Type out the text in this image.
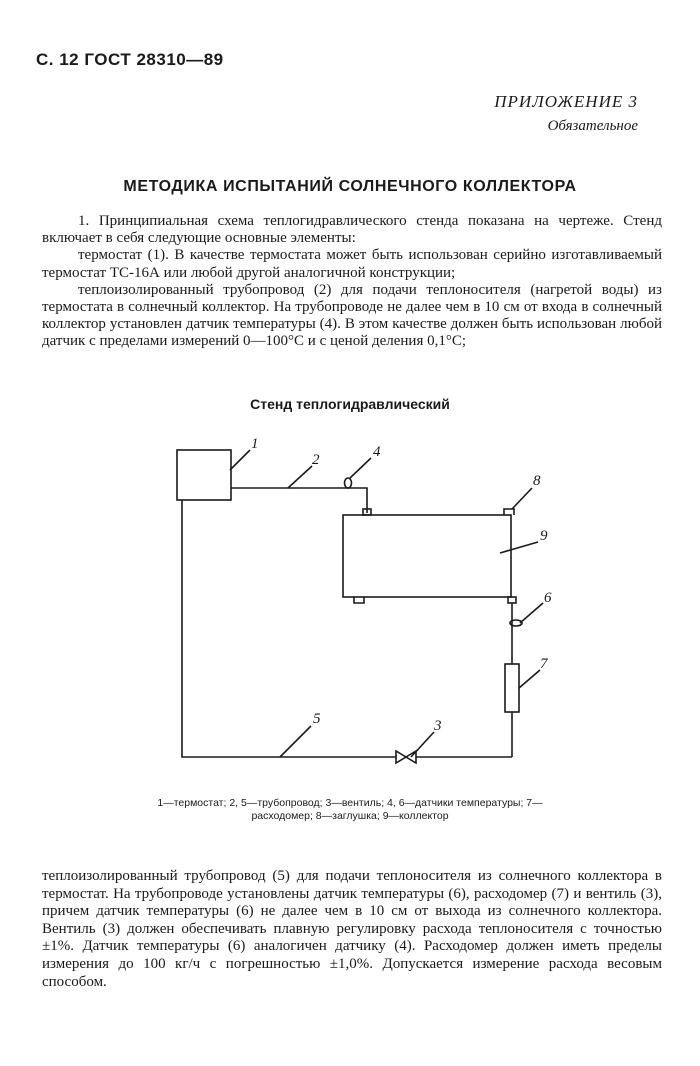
С. 12 ГОСТ 28310—89
ПРИЛОЖЕНИЕ 3
Обязательное
МЕТОДИКА ИСПЫТАНИЙ СОЛНЕЧНОГО КОЛЛЕКТОРА

1. Принципиальная схема теплогидравлического стенда показана на чертеже. Стенд включает в себя следующие основные элементы:

термостат (1). В качестве термостата может быть использован серийно изготавливаемый термостат ТС-16А или любой другой аналогичной конструкции;

теплоизолированный трубопровод (2) для подачи теплоносителя (нагретой воды) из термостата в солнечный коллектор. На трубопроводе не далее чем в 10 см от входа в солнечный коллектор установлен датчик температуры (4). В этом качестве должен быть использован любой датчик с пределами измерений 0—100°С и с ценой деления 0,1°С;

Стенд теплогидравлический
1
2
3
4
5
6
7
8
9
1—термостат; 2, 5—трубопровод; 3—вентиль; 4, 6—датчики температуры; 7—расходомер; 8—заглушка; 9—коллектор

теплоизолированный трубопровод (5) для подачи теплоносителя из солнечного коллектора в термостат. На трубопроводе установлены датчик температуры (6), расходомер (7) и вентиль (3), причем датчик температуры (6) не далее чем в 10 см от выхода из солнечного коллектора. Вентиль (3) должен обеспечивать плавную регулировку расхода теплоносителя с точностью ±1%. Датчик температуры (6) аналогичен датчику (4). Расходомер должен иметь пределы измерения до 100 кг/ч с погрешностью ±1,0%. Допускается измерение расхода весовым способом.
